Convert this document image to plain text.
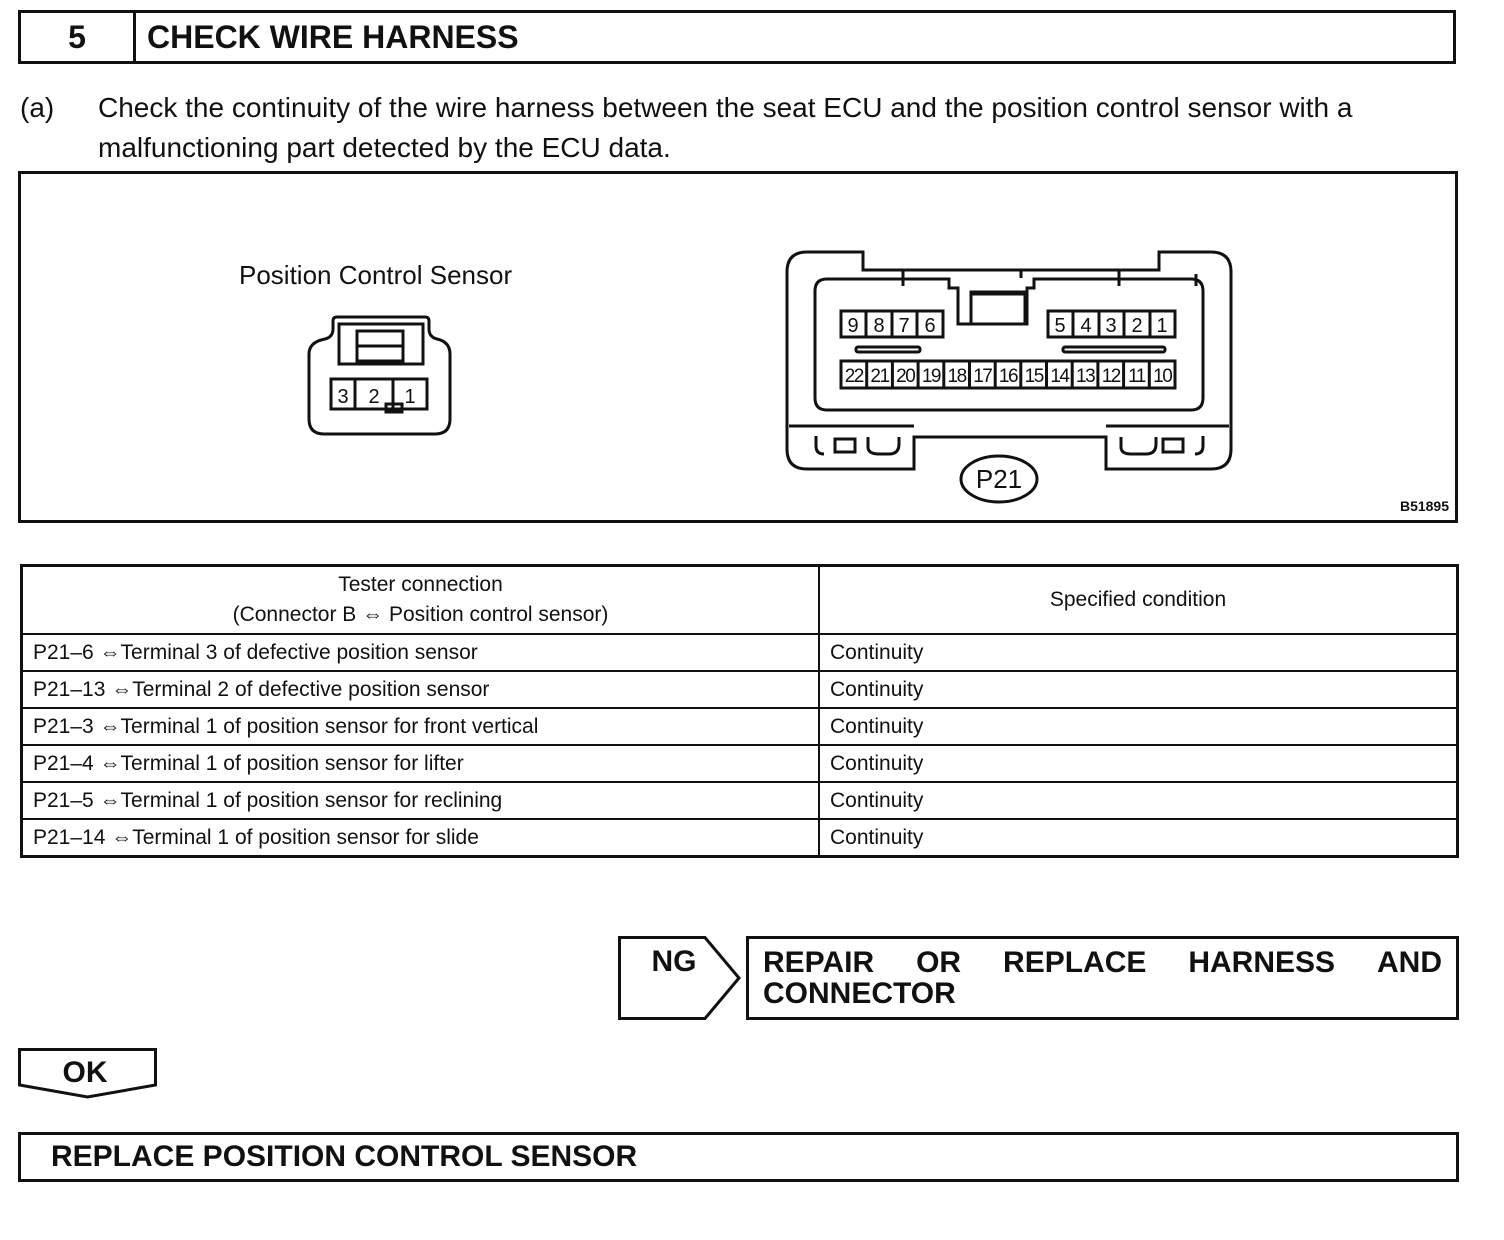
5	CHECK WIRE HARNESS
(a) Check the continuity of the wire harness between the seat ECU and the position control sensor with a malfunctioning part detected by the ECU data.
Position Control Sensor
3 2 1
9 8 7 6	5 4 3 2 1
22 21 20 19 18 17 16 15 14 13 12 11 10
P21
B51895
Tester connection
(Connector B ⇔ Position control sensor)	Specified condition
P21–6 ⇔Terminal 3 of defective position sensor	Continuity
P21–13 ⇔Terminal 2 of defective position sensor	Continuity
P21–3 ⇔Terminal 1 of position sensor for front vertical	Continuity
P21–4 ⇔Terminal 1 of position sensor for lifter	Continuity
P21–5 ⇔Terminal 1 of position sensor for reclining	Continuity
P21–14 ⇔Terminal 1 of position sensor for slide	Continuity
NG	REPAIR OR REPLACE HARNESS AND
CONNECTOR
OK
REPLACE POSITION CONTROL SENSOR
